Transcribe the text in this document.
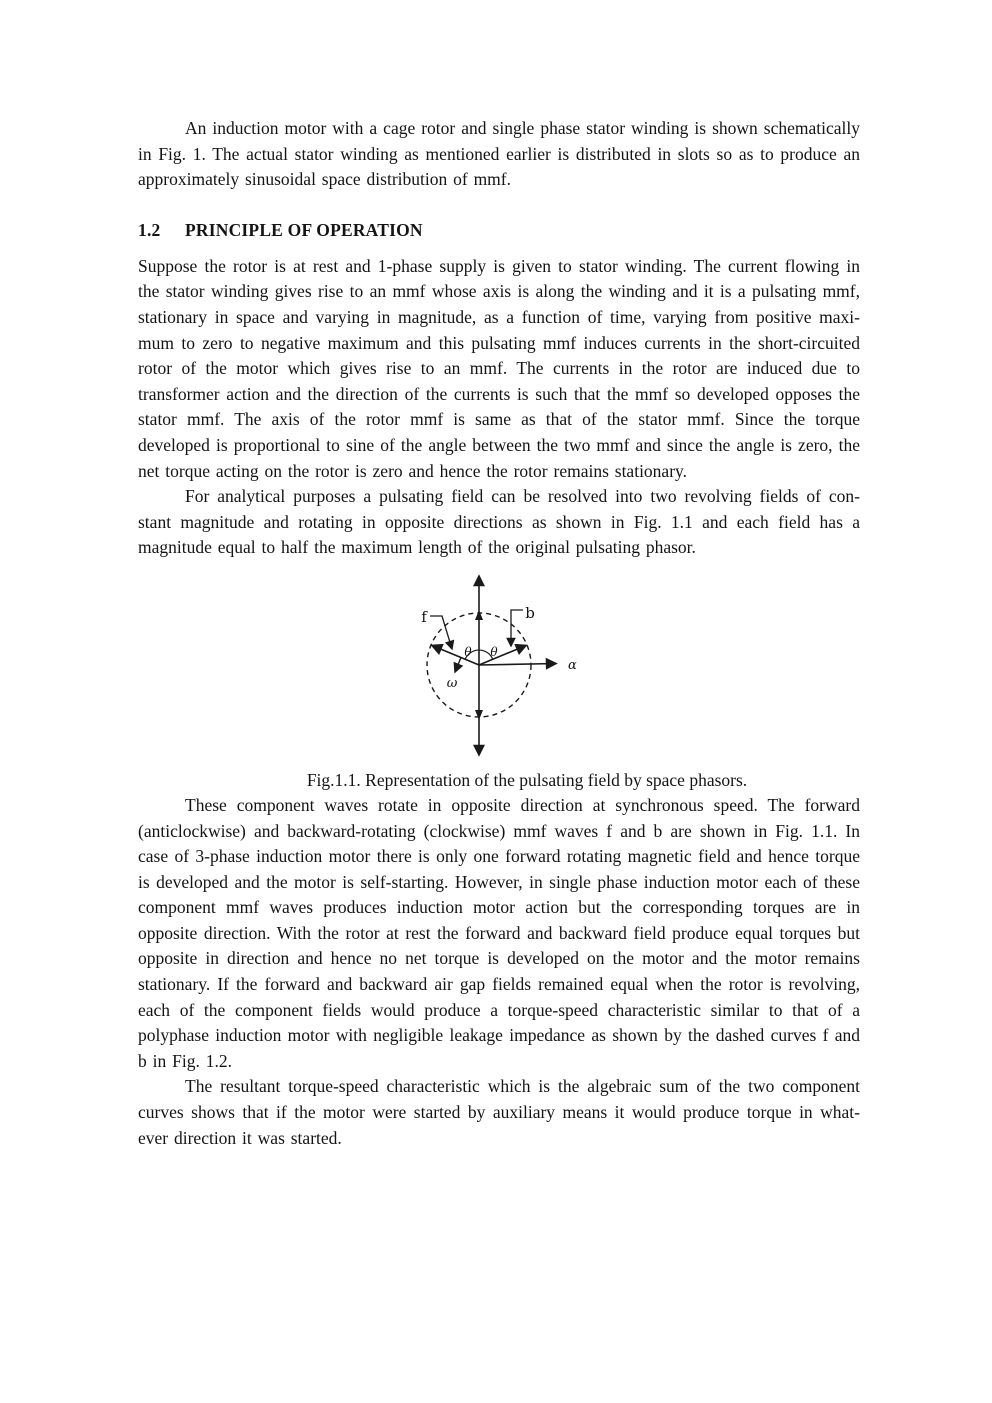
An induction motor with a cage rotor and single phase stator winding is shown schematically in Fig. 1. The actual stator winding as mentioned earlier is distributed in slots so as to produce an approximately sinusoidal space distribution of mmf.

1.2	PRINCIPLE OF OPERATION

Suppose the rotor is at rest and 1-phase supply is given to stator winding. The current flowing in the stator winding gives rise to an mmf whose axis is along the winding and it is a pulsating mmf, stationary in space and varying in magnitude, as a function of time, varying from positive maxi-mum to zero to negative maximum and this pulsating mmf induces currents in the short-circuited rotor of the motor which gives rise to an mmf. The currents in the rotor are induced due to transformer action and the direction of the currents is such that the mmf so developed opposes the stator mmf. The axis of the rotor mmf is same as that of the stator mmf. Since the torque developed is proportional to sine of the angle between the two mmf and since the angle is zero, the net torque acting on the rotor is zero and hence the rotor remains stationary.

For analytical purposes a pulsating field can be resolved into two revolving fields of con-stant magnitude and rotating in opposite directions as shown in Fig. 1.1 and each field has a magnitude equal to half the maximum length of the original pulsating phasor.

α
θ θ
ω
f	b

Fig.1.1. Representation of the pulsating field by space phasors.

These component waves rotate in opposite direction at synchronous speed. The forward (anticlockwise) and backward-rotating (clockwise) mmf waves f and b are shown in Fig. 1.1. In case of 3-phase induction motor there is only one forward rotating magnetic field and hence torque is developed and the motor is self-starting. However, in single phase induction motor each of these component mmf waves produces induction motor action but the corresponding torques are in opposite direction. With the rotor at rest the forward and backward field produce equal torques but opposite in direction and hence no net torque is developed on the motor and the motor remains stationary. If the forward and backward air gap fields remained equal when the rotor is revolving, each of the component fields would produce a torque-speed characteristic similar to that of a polyphase induction motor with negligible leakage impedance as shown by the dashed curves f and b in Fig. 1.2.

The resultant torque-speed characteristic which is the algebraic sum of the two component curves shows that if the motor were started by auxiliary means it would produce torque in what-ever direction it was started.
